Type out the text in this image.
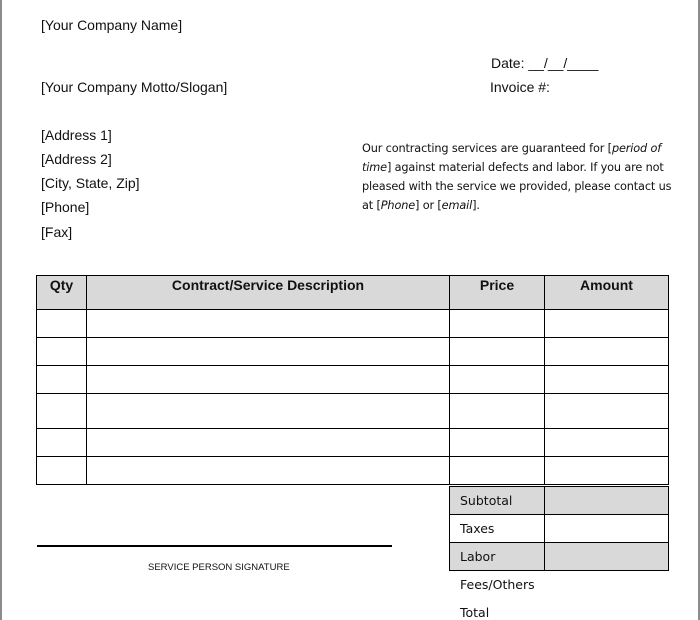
[Your Company Name]
[Your Company Motto/Slogan]
Date: __/__/____
Invoice #:
[Address 1]
[Address 2]
[City, State, Zip]
[Phone]
[Fax]
Our contracting services are guaranteed for [period of time] against material defects and labor. If you are not pleased with the service we provided, please contact us at [Phone] or [email].
Qty	Contract/Service Description	Price	Amount

Subtotal	
Taxes	
Labor	
Fees/Others
Total
SERVICE PERSON SIGNATURE
